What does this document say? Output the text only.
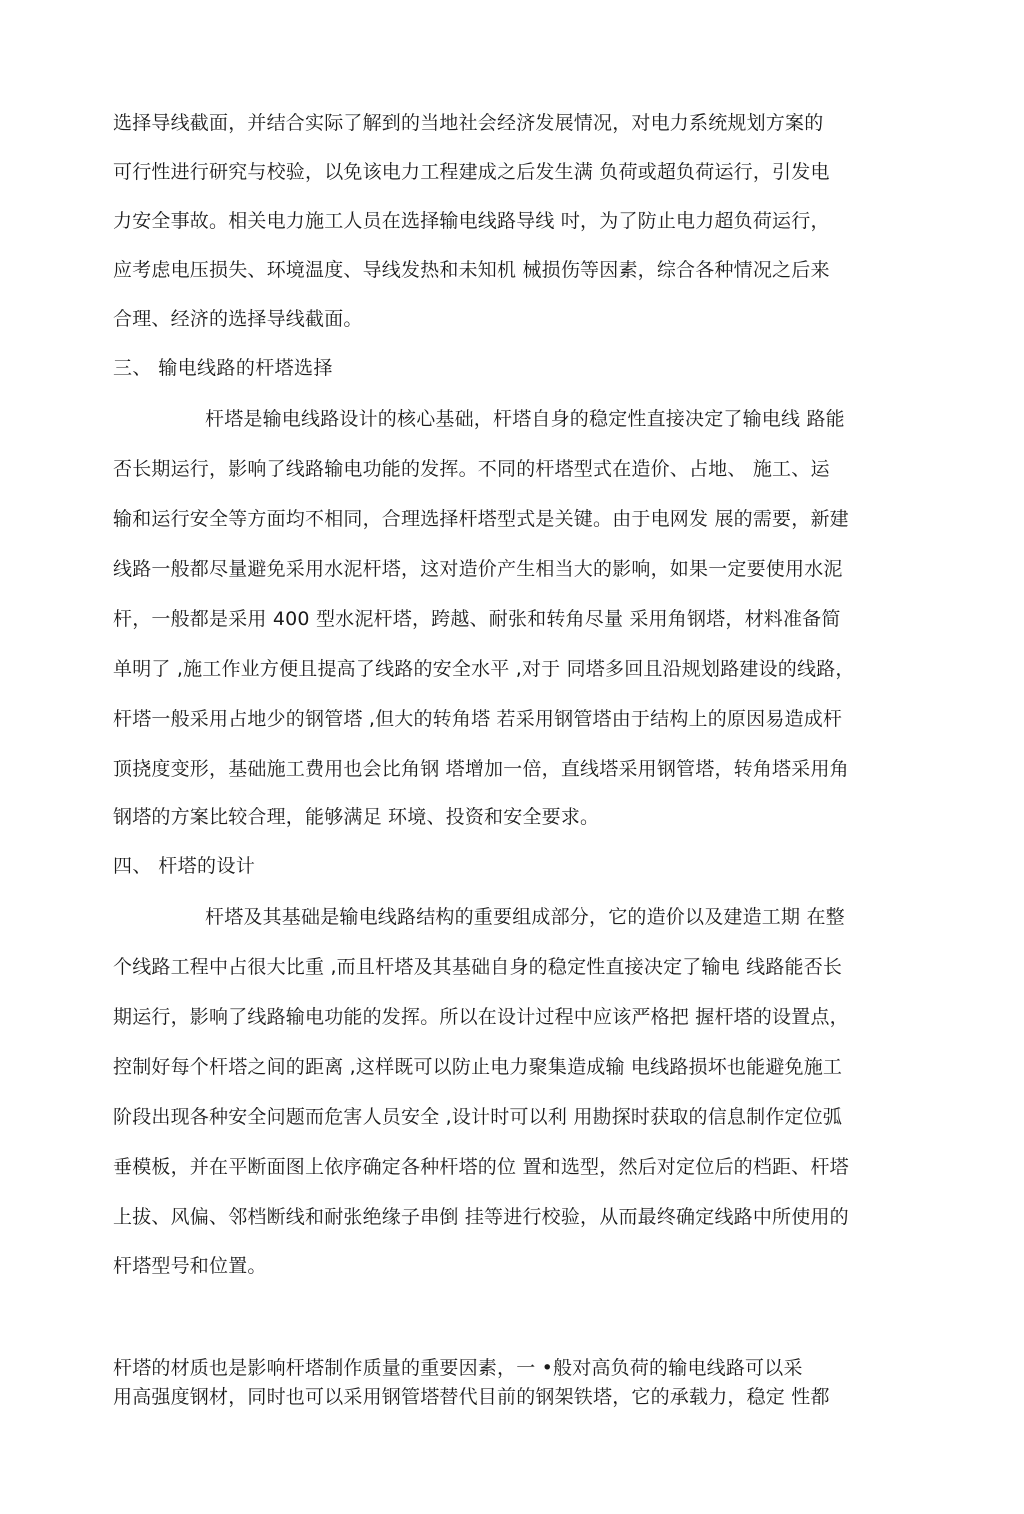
选择导线截面，并结合实际了解到的当地社会经济发展情况，对电力系统规划方案的
可行性进行研究与校验，以免该电力工程建成之后发生满 负荷或超负荷运行，引发电
力安全事故。相关电力施工人员在选择输电线路导线 吋，为了防止电力超负荷运行，
应考虑电压损失、环境温度、导线发热和未知机 械损伤等因素，综合各种情况之后来
合理、经济的选择导线截面。
三、 输电线路的杆塔选择
杆塔是输电线路设计的核心基础，杆塔自身的稳定性直接决定了输电线 路能
否长期运行，影响了线路输电功能的发挥。不同的杆塔型式在造价、占地、 施工、运
输和运行安全等方面均不相同，合理选择杆塔型式是关键。由于电网发 展的需要，新建
线路一般都尽量避免采用水泥杆塔，这对造价产生相当大的影响，如果一定要使用水泥
杆，一般都是采用 400 型水泥杆塔，跨越、耐张和转角尽量 采用角钢塔，材料准备简
单明了 ,施工作业方便且提高了线路的安全水平 ,对于 同塔多回且沿规划路建设的线路，
杆塔一般采用占地少的钢管塔 ,但大的转角塔 若采用钢管塔由于结构上的原因易造成杆
顶挠度变形，基础施工费用也会比角钢 塔增加一倍，直线塔采用钢管塔，转角塔采用角
钢塔的方案比较合理，能够满足 环境、投资和安全要求。
四、 杆塔的设计
杆塔及其基础是输电线路结构的重要组成部分，它的造价以及建造工期 在整
个线路工程中占很大比重 ,而且杆塔及其基础自身的稳定性直接决定了输电 线路能否长
期运行，影响了线路输电功能的发挥。所以在设计过程中应该严格把 握杆塔的设置点，
控制好每个杆塔之间的距离 ,这样既可以防止电力聚集造成输 电线路损坏也能避免施工
阶段出现各种安全问题而危害人员安全 ,设计时可以利 用勘探时获取的信息制作定位弧
垂模板，并在平断面图上依序确定各种杆塔的位 置和选型，然后对定位后的档距、杆塔
上拔、风偏、邻档断线和耐张绝缘子串倒 挂等进行校验，从而最终确定线路中所使用的
杆塔型号和位置。
杆塔的材质也是影响杆塔制作质量的重要因素，一 •般对高负荷的输电线路可以采
用高强度钢材，同时也可以采用钢管塔替代目前的钢架铁塔，它的承载力，稳定 性都
